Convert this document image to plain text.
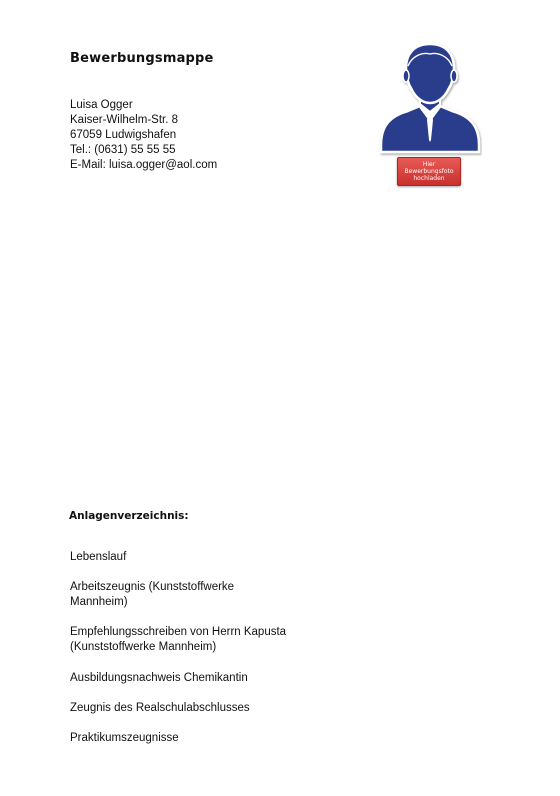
Bewerbungsmappe
Luisa Ogger
Kaiser-Wilhelm-Str. 8
67059 Ludwigshafen
Tel.: (0631) 55 55 55
E-Mail: luisa.ogger@aol.com	Hier
Bewerbungsfoto
hochladen
Anlagenverzeichnis:
Lebenslauf
Arbeitszeugnis (Kunststoffwerke
Mannheim)
Empfehlungsschreiben von Herrn Kapusta
(Kunststoffwerke Mannheim)
Ausbildungsnachweis Chemikantin
Zeugnis des Realschulabschlusses
Praktikumszeugnisse
